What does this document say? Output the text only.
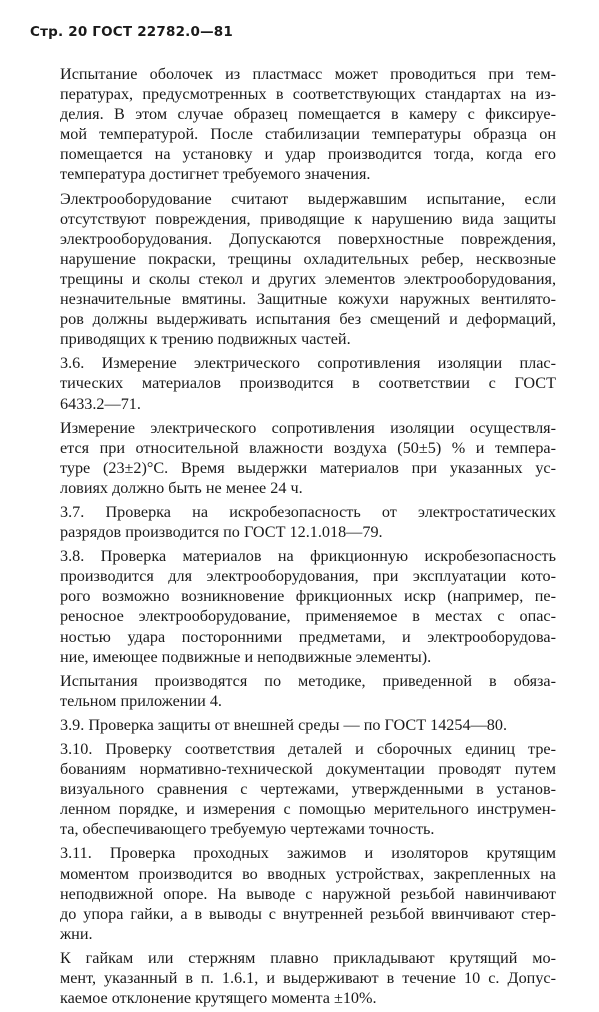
Стр. 20 ГОСТ 22782.0—81
Испытание оболочек из пластмасс может проводиться при тем-
пературах, предусмотренных в соответствующих стандартах на из-
делия. В этом случае образец помещается в камеру с фиксируе-
мой температурой. После стабилизации температуры образца он
помещается на установку и удар производится тогда, когда его
температура достигнет требуемого значения.
Электрооборудование считают выдержавшим испытание, если
отсутствуют повреждения, приводящие к нарушению вида защиты
электрооборудования. Допускаются поверхностные повреждения,
нарушение покраски, трещины охладительных ребер, несквозные
трещины и сколы стекол и других элементов электрооборудования,
незначительные вмятины. Защитные кожухи наружных вентилято-
ров должны выдерживать испытания без смещений и деформаций,
приводящих к трению подвижных частей.
3.6. Измерение электрического сопротивления изоляции плас-
тических материалов производится в соответствии с ГОСТ
6433.2—71.
Измерение электрического сопротивления изоляции осуществля-
ется при относительной влажности воздуха (50±5) % и темпера-
туре (23±2)°С. Время выдержки материалов при указанных ус-
ловиях должно быть не менее 24 ч.
3.7. Проверка на искробезопасность от электростатических
разрядов производится по ГОСТ 12.1.018—79.
3.8. Проверка материалов на фрикционную искробезопасность
производится для электрооборудования, при эксплуатации кото-
рого возможно возникновение фрикционных искр (например, пе-
реносное электрооборудование, применяемое в местах с опас-
ностью удара посторонними предметами, и электрооборудова-
ние, имеющее подвижные и неподвижные элементы).
Испытания производятся по методике, приведенной в обяза-
тельном приложении 4.
3.9. Проверка защиты от внешней среды — по ГОСТ 14254—80.
3.10. Проверку соответствия деталей и сборочных единиц тре-
бованиям нормативно-технической документации проводят путем
визуального сравнения с чертежами, утвержденными в установ-
ленном порядке, и измерения с помощью мерительного инструмен-
та, обеспечивающего требуемую чертежами точность.
3.11. Проверка проходных зажимов и изоляторов крутящим
моментом производится во вводных устройствах, закрепленных на
неподвижной опоре. На выводе с наружной резьбой навинчивают
до упора гайки, а в выводы с внутренней резьбой ввинчивают стер-
жни.
К гайкам или стержням плавно прикладывают крутящий мо-
мент, указанный в п. 1.6.1, и выдерживают в течение 10 с. Допус-
каемое отклонение крутящего момента ±10%.
